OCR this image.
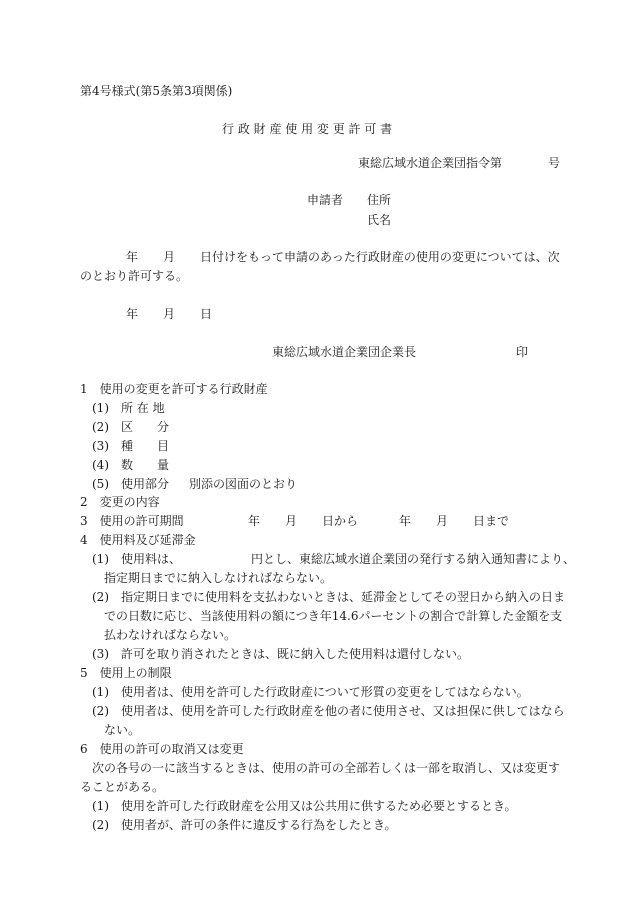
第4号様式(第5条第3項関係)
行 政 財 産 使 用 変 更 許 可 書
東総広域水道企業団指令第	号
申請者 住所
氏名
年 月 日付けをもって申請のあった行政財産の使用の変更については、次
のとおり許可する。
年 月 日
東総広域水道企業団企業長	印
1　使用の変更を許可する行政財産
(1) 所 在 地
(2) 区　　分
(3) 種　　目
(4) 数　　量
(5) 使用部分 別添の図面のとおり
2　変更の内容
3　使用の許可期間	年 月 日から	年 月 日まで
4　使用料及び延滞金
(1) 使用料は、	円とし、東総広域水道企業団の発行する納入通知書により、
指定期日までに納入しなければならない。
(2) 指定期日までに使用料を支払わないときは、延滞金としてその翌日から納入の日ま
での日数に応じ、当該使用料の額につき年14.6パーセントの割合で計算した金額を支
払わなければならない。
(3) 許可を取り消されたときは、既に納入した使用料は還付しない。
5　使用上の制限
(1) 使用者は、使用を許可した行政財産について形質の変更をしてはならない。
(2) 使用者は、使用を許可した行政財産を他の者に使用させ、又は担保に供してはなら
ない。
6　使用の許可の取消又は変更
次の各号の一に該当するときは、使用の許可の全部若しくは一部を取消し、又は変更す
ることがある。
(1) 使用を許可した行政財産を公用又は公共用に供するため必要とするとき。
(2) 使用者が、許可の条件に違反する行為をしたとき。
